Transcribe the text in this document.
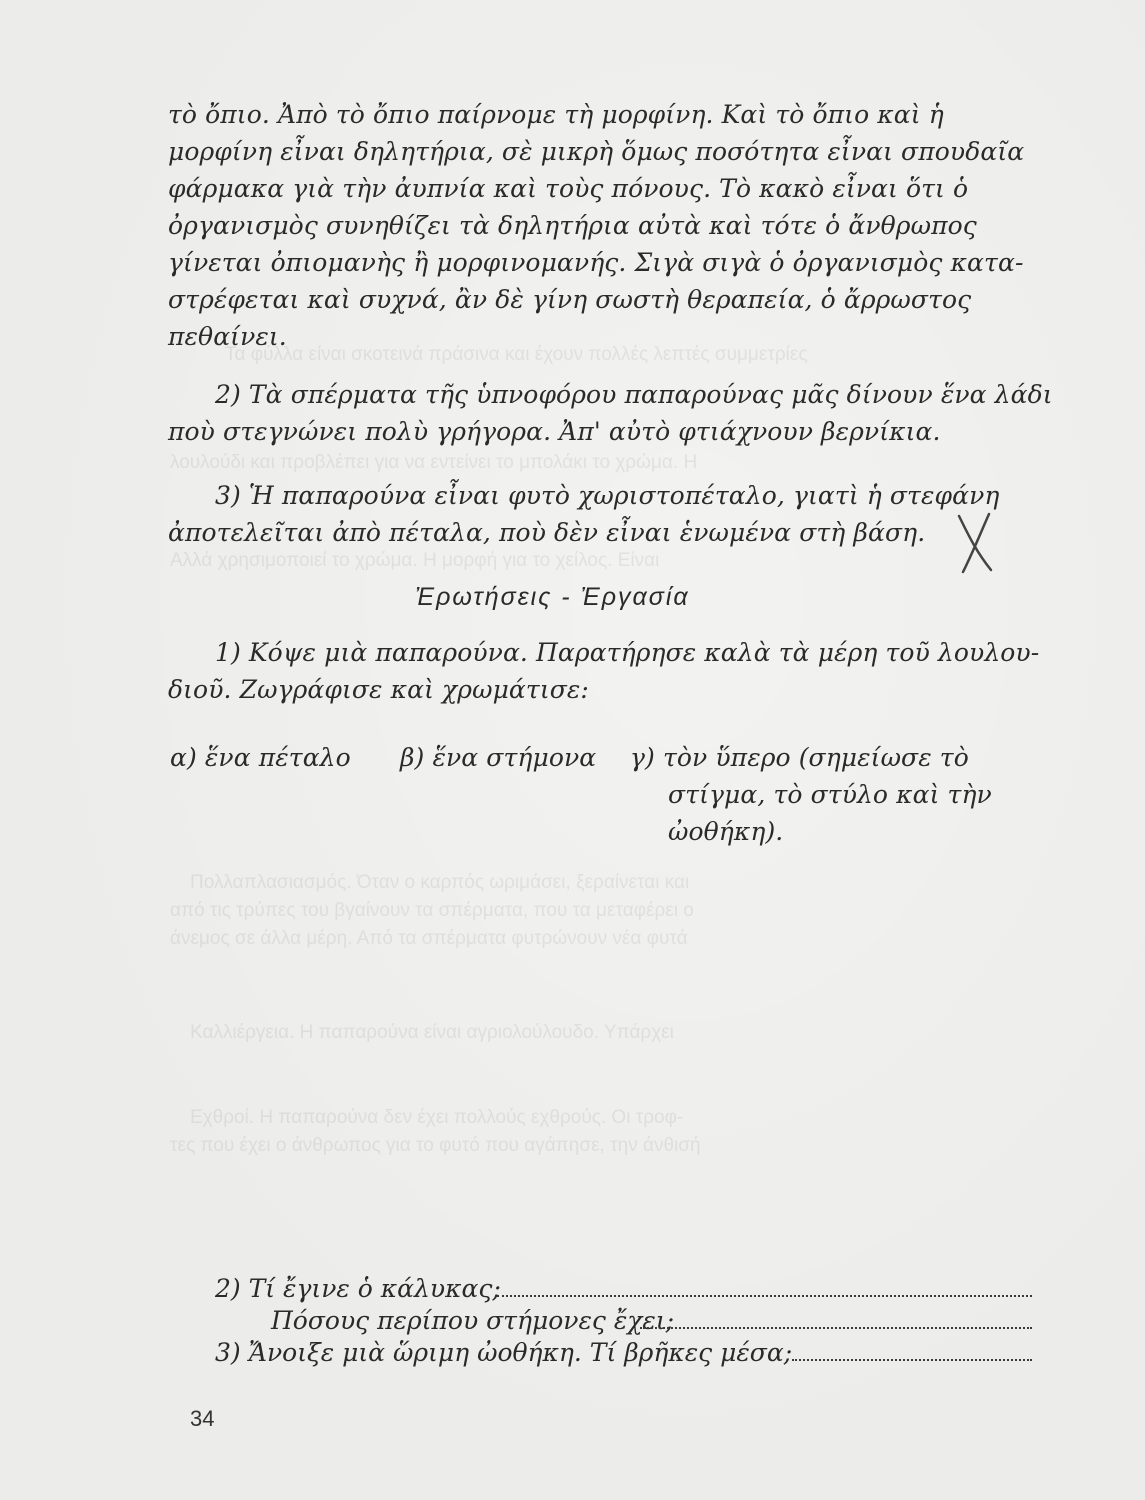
Τα φύλλα είναι σκοτεινά πράσινα και έχουν πολλές λεπτές συμμετρίες
λουλούδι και προβλέπει για να εντείνει το μπολάκι το χρώμα. Η
Αλλά χρησιμοποιεί το χρώμα. Η μορφή για το χείλος. Είναι
Πολλαπλασιασμός. Όταν ο καρπός ωριμάσει, ξεραίνεται και
από τις τρύπες του βγαίνουν τα σπέρματα, που τα μεταφέρει ο
άνεμος σε άλλα μέρη. Από τα σπέρματα φυτρώνουν νέα φυτά
Καλλιέργεια. Η παπαρούνα είναι αγριολούλουδο. Υπάρχει
Εχθροί. Η παπαρούνα δεν έχει πολλούς εχθρούς. Οι τροφ-
τες που έχει ο άνθρωπος για το φυτό που αγάπησε, την άνθισή
τὸ ὄπιο. Ἀπὸ τὸ ὄπιο παίρνομε τὴ μορφίνη. Καὶ τὸ ὄπιο καὶ ἡ
μορφίνη εἶναι δηλητήρια, σὲ μικρὴ ὅμως ποσότητα εἶναι σπουδαῖα
φάρμακα γιὰ τὴν ἀυπνία καὶ τοὺς πόνους. Τὸ κακὸ εἶναι ὅτι ὁ
ὀργανισμὸς συνηθίζει τὰ δηλητήρια αὐτὰ καὶ τότε ὁ ἄνθρωπος
γίνεται ὀπιομανὴς ἢ μορφινομανής. Σιγὰ σιγὰ ὁ ὀργανισμὸς κατα-
στρέφεται καὶ συχνά, ἂν δὲ γίνη σωστὴ θεραπεία, ὁ ἄρρωστος
πεθαίνει.
2) Τὰ σπέρματα τῆς ὑπνοφόρου παπαρούνας μᾶς δίνουν ἕνα λάδι
ποὺ στεγνώνει πολὺ γρήγορα. Ἀπ' αὐτὸ φτιάχνουν βερνίκια.
3) Ἡ παπαρούνα εἶναι φυτὸ χωριστοπέταλο, γιατὶ ἡ στεφάνη
ἀποτελεῖται ἀπὸ πέταλα, ποὺ δὲν εἶναι ἑνωμένα στὴ βάση.
Ἐρωτήσεις - Ἐργασία
1) Κόψε μιὰ παπαρούνα. Παρατήρησε καλὰ τὰ μέρη τοῦ λουλου-
διοῦ. Ζωγράφισε καὶ χρωμάτισε:
α) ἕνα πέταλο β) ἕνα στήμονα γ) τὸν ὕπερο (σημείωσε τὸ
στίγμα, τὸ στύλο καὶ τὴν
ὠοθήκη).
2) Τί ἔγινε ὁ κάλυκας;
Πόσους περίπου στήμονες ἔχει;
3) Ἄνοιξε μιὰ ὥριμη ὠοθήκη. Τί βρῆκες μέσα;
34
